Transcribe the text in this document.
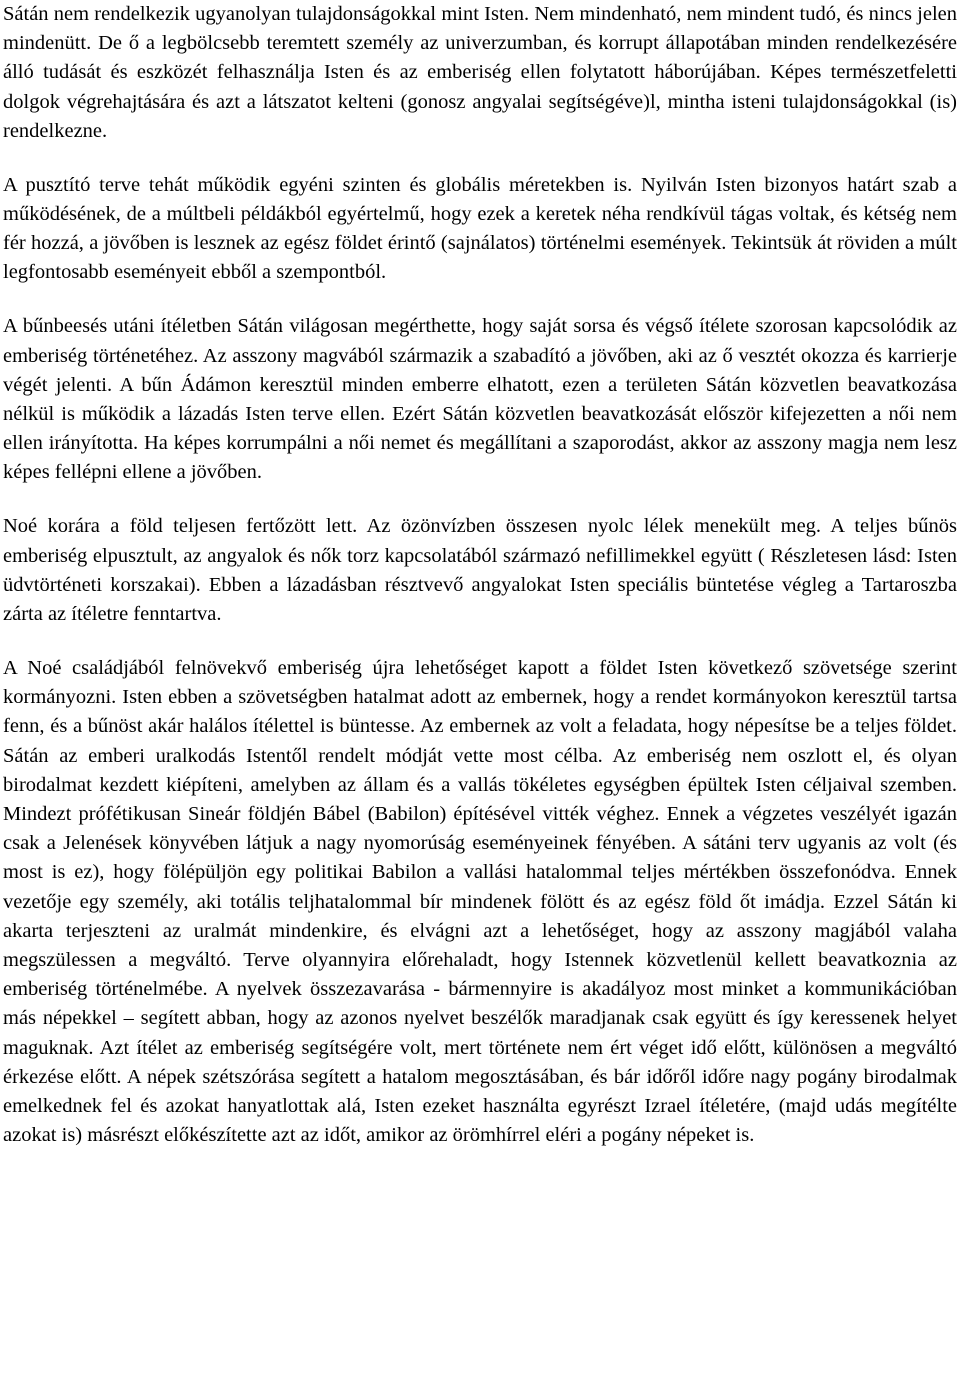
Sátán nem rendelkezik ugyanolyan tulajdonságokkal mint Isten. Nem mindenható, nem mindent tudó, és nincs jelen mindenütt. De ő a legbölcsebb teremtett személy az univerzumban, és korrupt állapotában minden rendelkezésére álló tudását és eszközét felhasználja Isten és az emberiség ellen folytatott háborújában. Képes természetfeletti dolgok végrehajtására és azt a látszatot kelteni (gonosz angyalai segítségéve)l, mintha isteni tulajdonságokkal (is) rendelkezne.

A pusztító terve tehát működik egyéni szinten és globális méretekben is. Nyilván Isten bizonyos határt szab a működésének, de a múltbeli példákból egyértelmű, hogy ezek a keretek néha rendkívül tágas voltak, és kétség nem fér hozzá, a jövőben is lesznek az egész földet érintő (sajnálatos) történelmi események. Tekintsük át röviden a múlt legfontosabb eseményeit ebből a szempontból.

A bűnbeesés utáni ítéletben Sátán világosan megérthette, hogy saját sorsa és végső ítélete szorosan kapcsolódik az emberiség történetéhez. Az asszony magvából származik a szabadító a jövőben, aki az ő vesztét okozza és karrierje végét jelenti. A bűn Ádámon keresztül minden emberre elhatott, ezen a területen Sátán közvetlen beavatkozása nélkül is működik a lázadás Isten terve ellen. Ezért Sátán közvetlen beavatkozását először kifejezetten a női nem ellen irányította. Ha képes korrumpálni a női nemet és megállítani a szaporodást, akkor az asszony magja nem lesz képes fellépni ellene a jövőben.

Noé korára a föld teljesen fertőzött lett. Az özönvízben összesen nyolc lélek menekült meg. A teljes bűnös emberiség elpusztult, az angyalok és nők torz kapcsolatából származó nefillimekkel együtt ( Részletesen lásd: Isten üdvtörténeti korszakai). Ebben a lázadásban résztvevő angyalokat Isten speciális büntetése végleg a Tartaroszba zárta az ítéletre fenntartva.

A Noé családjából felnövekvő emberiség újra lehetőséget kapott a földet Isten következő szövetsége szerint kormányozni. Isten ebben a szövetségben hatalmat adott az embernek, hogy a rendet kormányokon keresztül tartsa fenn, és a bűnöst akár halálos ítélettel is büntesse. Az embernek az volt a feladata, hogy népesítse be a teljes földet. Sátán az emberi uralkodás Istentől rendelt módját vette most célba. Az emberiség nem oszlott el, és olyan birodalmat kezdett kiépíteni, amelyben az állam és a vallás tökéletes egységben épültek Isten céljaival szemben. Mindezt prófétikusan Sineár földjén Bábel (Babilon) építésével vitték véghez. Ennek a végzetes veszélyét igazán csak a Jelenések könyvében látjuk a nagy nyomorúság eseményeinek fényében. A sátáni terv ugyanis az volt (és most is ez), hogy fölépüljön egy politikai Babilon a vallási hatalommal teljes mértékben összefonódva. Ennek vezetője egy személy, aki totális teljhatalommal bír mindenek fölött és az egész föld őt imádja. Ezzel Sátán ki akarta terjeszteni az uralmát mindenkire, és elvágni azt a lehetőséget, hogy az asszony magjából valaha megszülessen a megváltó. Terve olyannyira előrehaladt, hogy Istennek közvetlenül kellett beavatkoznia az emberiség történelmébe. A nyelvek összezavarása - bármennyire is akadályoz most minket a kommunikációban más népekkel – segített abban, hogy az azonos nyelvet beszélők maradjanak csak együtt és így keressenek helyet maguknak. Azt ítélet az emberiség segítségére volt, mert története nem ért véget idő előtt, különösen a megváltó érkezése előtt. A népek szétszórása segített a hatalom megosztásában, és bár időről időre nagy pogány birodalmak emelkednek fel és azokat hanyatlottak alá, Isten ezeket használta egyrészt Izrael ítéletére, (majd udás megítélte azokat is) másrészt előkészítette azt az időt, amikor az örömhírrel eléri a pogány népeket is.
